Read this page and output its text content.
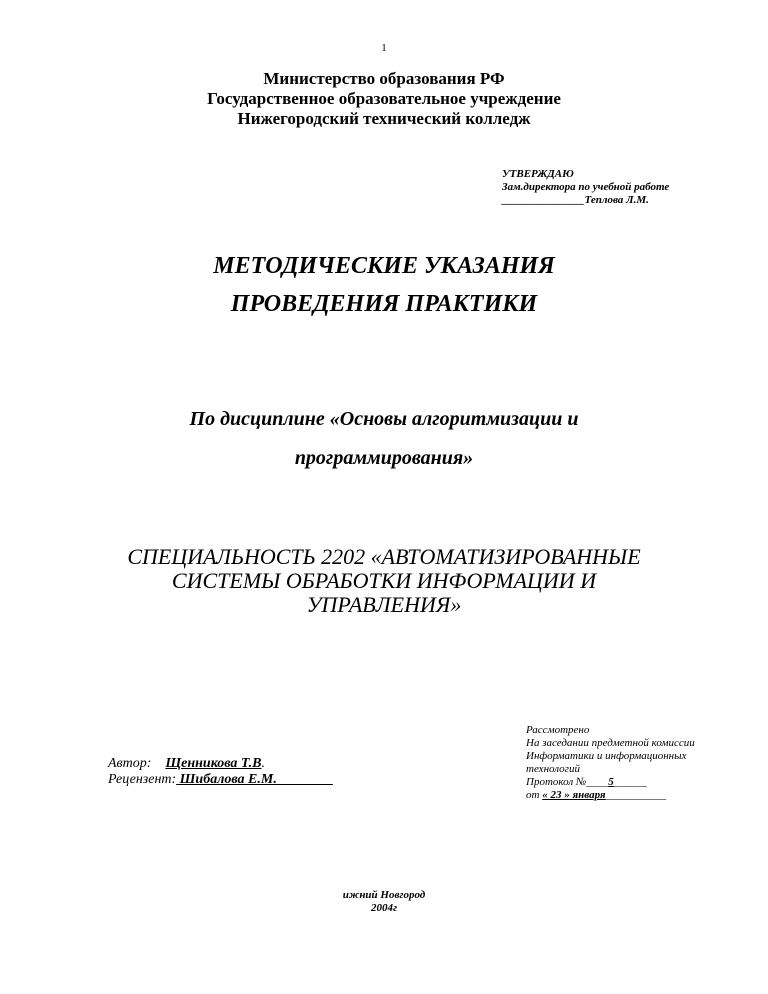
1
Министерство образования РФ
Государственное образовательное учреждение
Нижегородский технический колледж
УТВЕРЖДАЮ
Зам.директора по учебной работе
_______________Теплова Л.М.
МЕТОДИЧЕСКИЕ УКАЗАНИЯ
ПРОВЕДЕНИЯ ПРАКТИКИ
По дисциплине «Основы алгоритмизации и
программирования»
СПЕЦИАЛЬНОСТЬ 2202 «АВТОМАТИЗИРОВАННЫЕ
СИСТЕМЫ ОБРАБОТКИ ИНФОРМАЦИИ И
УПРАВЛЕНИЯ»
Рассмотрено
На заседании предметной комиссии
Информатики и информационных
технологий
Протокол №____5______
от « 23 » января___________
Автор: Щенникова Т.В.
Рецензент: Шибалова Е.М.________
ижний Новгород
2004г
